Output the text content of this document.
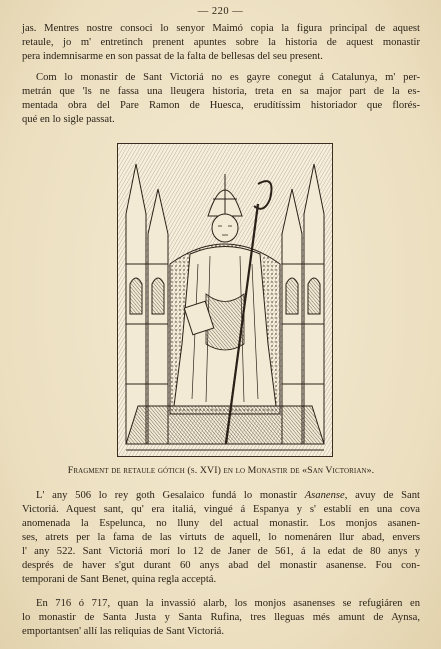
— 220 —

jas. Mentres nostre consoci lo senyor Maimó copia la figura principal de aquest
retaule, jo m' entretinch prenent apuntes sobre la historia de aquest monastir
pera indemnisarme en son passat de la falta de bellesas del seu present.

Com lo monastir de Sant Victoriá no es gayre conegut á Catalunya, m' per-
metrán que 'ls ne fassa una lleugera historia, treta en sa major part de la es-
mentada obra del Pare Ramon de Huesca, erudítíssim historiador que florés-
qué en lo sigle passat.

Fragment de retaule gótich (s. XVI) en lo Monastir de «San Victorian».

L' any 506 lo rey goth Gesalaico fundá lo monastir Asanense, avuy de Sant
Victoriá. Aquest sant, qu' era italiá, vingué á Espanya y s' establí en una cova
anomenada la Espelunca, no lluny del actual monastir. Los monjos asanen-
ses, atrets per la fama de las virtuts de aquell, lo nomenáren llur abad, envers
l' any 522. Sant Victoriá morí lo 12 de Janer de 561, á la edat de 80 anys y
després de haver s'gut durant 60 anys abad del monastir asanense. Fou con-
temporani de Sant Benet, quina regla acceptá.

En 716 ó 717, quan la invassió alarb, los monjos asanenses se refugiáren en
lo monastir de Santa Justa y Santa Rufina, tres lleguas més amunt de Aynsa,
emportantsen' allí las reliquias de Sant Victoriá.
